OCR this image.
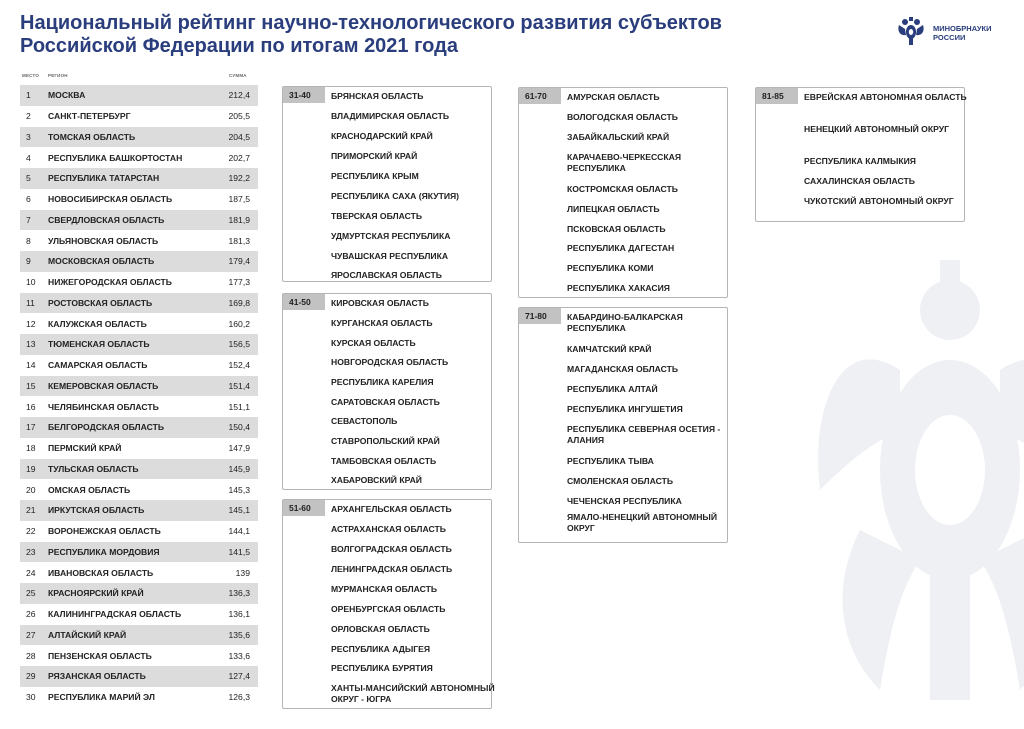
Национальный рейтинг научно-технологического развития субъектов
Российской Федерации по итогам 2021 года
МИНОБРНАУКИ
РОССИИ
МЕСТО РЕГИОН	СУММА
1 МОСКВА	212,4
2 САНКТ-ПЕТЕРБУРГ	205,5
3 ТОМСКАЯ ОБЛАСТЬ	204,5
4 РЕСПУБЛИКА БАШКОРТОСТАН	202,7
5 РЕСПУБЛИКА ТАТАРСТАН	192,2
6 НОВОСИБИРСКАЯ ОБЛАСТЬ	187,5
7 СВЕРДЛОВСКАЯ ОБЛАСТЬ	181,9
8 УЛЬЯНОВСКАЯ ОБЛАСТЬ	181,3
9 МОСКОВСКАЯ ОБЛАСТЬ	179,4
10 НИЖЕГОРОДСКАЯ ОБЛАСТЬ	177,3
11 РОСТОВСКАЯ ОБЛАСТЬ	169,8
12 КАЛУЖСКАЯ ОБЛАСТЬ	160,2
13 ТЮМЕНСКАЯ ОБЛАСТЬ	156,5
14 САМАРСКАЯ ОБЛАСТЬ	152,4
15 КЕМЕРОВСКАЯ ОБЛАСТЬ	151,4
16 ЧЕЛЯБИНСКАЯ ОБЛАСТЬ	151,1
17 БЕЛГОРОДСКАЯ ОБЛАСТЬ	150,4
18 ПЕРМСКИЙ КРАЙ	147,9
19 ТУЛЬСКАЯ ОБЛАСТЬ	145,9
20 ОМСКАЯ ОБЛАСТЬ	145,3
21 ИРКУТСКАЯ ОБЛАСТЬ	145,1
22 ВОРОНЕЖСКАЯ ОБЛАСТЬ	144,1
23 РЕСПУБЛИКА МОРДОВИЯ	141,5
24 ИВАНОВСКАЯ ОБЛАСТЬ	139
25 КРАСНОЯРСКИЙ КРАЙ	136,3
26 КАЛИНИНГРАДСКАЯ ОБЛАСТЬ	136,1
27 АЛТАЙСКИЙ КРАЙ	135,6
28 ПЕНЗЕНСКАЯ ОБЛАСТЬ	133,6
29 РЯЗАНСКАЯ ОБЛАСТЬ	127,4
30 РЕСПУБЛИКА МАРИЙ ЭЛ	126,3
31-40	БРЯНСКАЯ ОБЛАСТЬ
ВЛАДИМИРСКАЯ ОБЛАСТЬ
КРАСНОДАРСКИЙ КРАЙ
ПРИМОРСКИЙ КРАЙ
РЕСПУБЛИКА КРЫМ
РЕСПУБЛИКА САХА (ЯКУТИЯ)
ТВЕРСКАЯ ОБЛАСТЬ
УДМУРТСКАЯ РЕСПУБЛИКА
ЧУВАШСКАЯ РЕСПУБЛИКА
ЯРОСЛАВСКАЯ ОБЛАСТЬ
41-50	КИРОВСКАЯ ОБЛАСТЬ
КУРГАНСКАЯ ОБЛАСТЬ
КУРСКАЯ ОБЛАСТЬ
НОВГОРОДСКАЯ ОБЛАСТЬ
РЕСПУБЛИКА КАРЕЛИЯ
САРАТОВСКАЯ ОБЛАСТЬ
СЕВАСТОПОЛЬ
СТАВРОПОЛЬСКИЙ КРАЙ
ТАМБОВСКАЯ ОБЛАСТЬ
ХАБАРОВСКИЙ КРАЙ
51-60	АРХАНГЕЛЬСКАЯ ОБЛАСТЬ
АСТРАХАНСКАЯ ОБЛАСТЬ
ВОЛГОГРАДСКАЯ ОБЛАСТЬ
ЛЕНИНГРАДСКАЯ ОБЛАСТЬ
МУРМАНСКАЯ ОБЛАСТЬ
ОРЕНБУРГСКАЯ ОБЛАСТЬ
ОРЛОВСКАЯ ОБЛАСТЬ
РЕСПУБЛИКА АДЫГЕЯ
РЕСПУБЛИКА БУРЯТИЯ
ХАНТЫ-МАНСИЙСКИЙ АВТОНОМНЫЙ ОКРУГ - ЮГРА
61-70	АМУРСКАЯ ОБЛАСТЬ
ВОЛОГОДСКАЯ ОБЛАСТЬ
ЗАБАЙКАЛЬСКИЙ КРАЙ
КАРАЧАЕВО-ЧЕРКЕССКАЯ РЕСПУБЛИКА
КОСТРОМСКАЯ ОБЛАСТЬ
ЛИПЕЦКАЯ ОБЛАСТЬ
ПСКОВСКАЯ ОБЛАСТЬ
РЕСПУБЛИКА ДАГЕСТАН
РЕСПУБЛИКА КОМИ
РЕСПУБЛИКА ХАКАСИЯ
71-80	КАБАРДИНО-БАЛКАРСКАЯ РЕСПУБЛИКА
КАМЧАТСКИЙ КРАЙ
МАГАДАНСКАЯ ОБЛАСТЬ
РЕСПУБЛИКА АЛТАЙ
РЕСПУБЛИКА ИНГУШЕТИЯ
РЕСПУБЛИКА СЕВЕРНАЯ ОСЕТИЯ - АЛАНИЯ
РЕСПУБЛИКА ТЫВА
СМОЛЕНСКАЯ ОБЛАСТЬ
ЧЕЧЕНСКАЯ РЕСПУБЛИКА
ЯМАЛО-НЕНЕЦКИЙ АВТОНОМНЫЙ ОКРУГ
81-85	ЕВРЕЙСКАЯ АВТОНОМНАЯ ОБЛАСТЬ
НЕНЕЦКИЙ АВТОНОМНЫЙ ОКРУГ
РЕСПУБЛИКА КАЛМЫКИЯ
САХАЛИНСКАЯ ОБЛАСТЬ
ЧУКОТСКИЙ АВТОНОМНЫЙ ОКРУГ
